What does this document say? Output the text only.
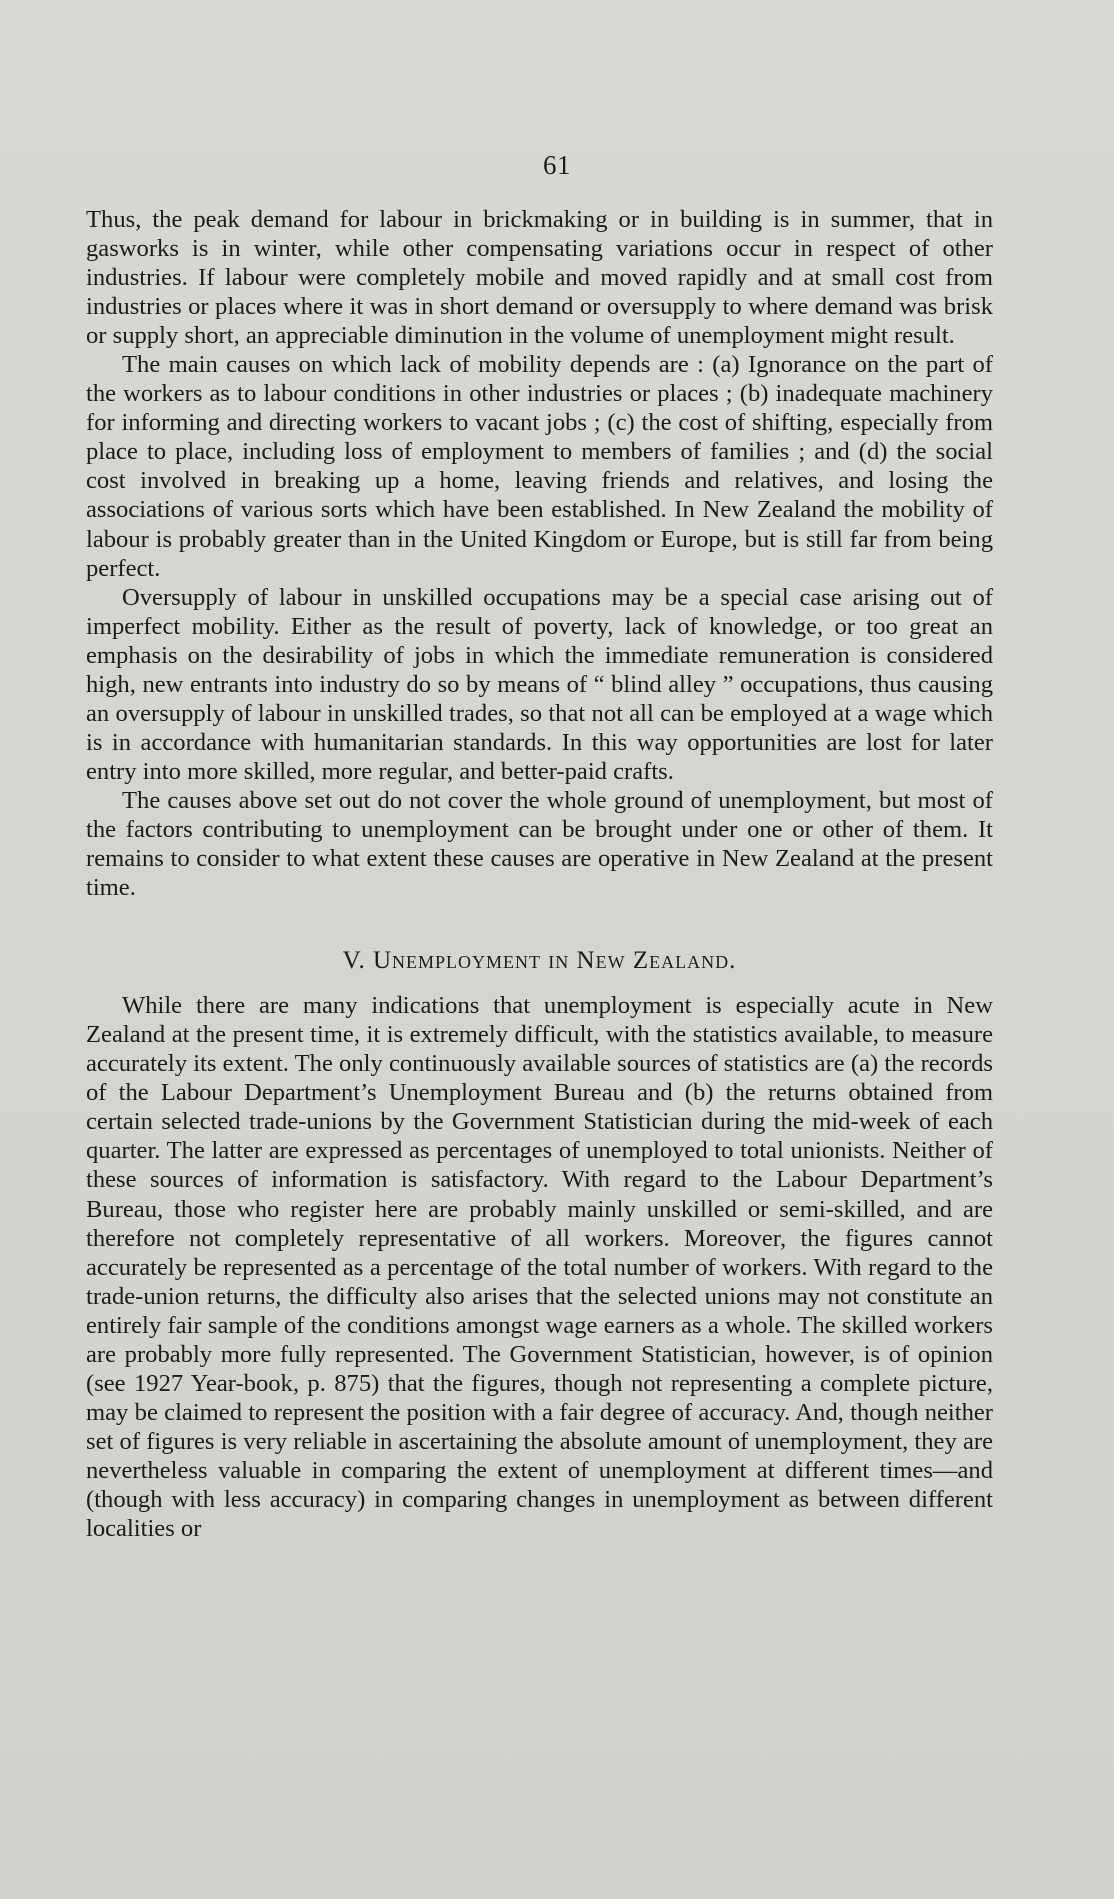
61

Thus, the peak demand for labour in brickmaking or in building is in summer, that in gasworks is in winter, while other compensating variations occur in respect of other industries. If labour were completely mobile and moved rapidly and at small cost from industries or places where it was in short demand or oversupply to where demand was brisk or supply short, an appreciable diminution in the volume of unemployment might result.

The main causes on which lack of mobility depends are : (a) Ignorance on the part of the workers as to labour conditions in other industries or places ; (b) inadequate machinery for informing and directing workers to vacant jobs ; (c) the cost of shifting, especially from place to place, including loss of employment to members of families ; and (d) the social cost involved in breaking up a home, leaving friends and relatives, and losing the associations of various sorts which have been established. In New Zealand the mobility of labour is probably greater than in the United Kingdom or Europe, but is still far from being perfect.

Oversupply of labour in unskilled occupations may be a special case arising out of imperfect mobility. Either as the result of poverty, lack of knowledge, or too great an emphasis on the desirability of jobs in which the immediate remuneration is considered high, new entrants into industry do so by means of “ blind alley ” occupations, thus causing an oversupply of labour in unskilled trades, so that not all can be employed at a wage which is in accordance with humanitarian standards. In this way opportunities are lost for later entry into more skilled, more regular, and better-paid crafts.

The causes above set out do not cover the whole ground of unemployment, but most of the factors contributing to unemployment can be brought under one or other of them. It remains to consider to what extent these causes are operative in New Zealand at the present time.

V. Unemployment in New Zealand.

While there are many indications that unemployment is especially acute in New Zealand at the present time, it is extremely difficult, with the statistics available, to measure accurately its extent. The only continuously available sources of statistics are (a) the records of the Labour Department’s Unemployment Bureau and (b) the returns obtained from certain selected trade-unions by the Government Statistician during the mid-week of each quarter. The latter are expressed as percentages of unemployed to total unionists. Neither of these sources of information is satisfactory. With regard to the Labour Department’s Bureau, those who register here are probably mainly unskilled or semi-skilled, and are therefore not completely representative of all workers. Moreover, the figures cannot accurately be represented as a percentage of the total number of workers. With regard to the trade-union returns, the difficulty also arises that the selected unions may not constitute an entirely fair sample of the conditions amongst wage earners as a whole. The skilled workers are probably more fully represented. The Government Statistician, however, is of opinion (see 1927 Year-book, p. 875) that the figures, though not representing a complete picture, may be claimed to represent the position with a fair degree of accuracy. And, though neither set of figures is very reliable in ascertaining the absolute amount of unemployment, they are nevertheless valuable in comparing the extent of unemployment at different times—and (though with less accuracy) in comparing changes in unemployment as between different localities or
